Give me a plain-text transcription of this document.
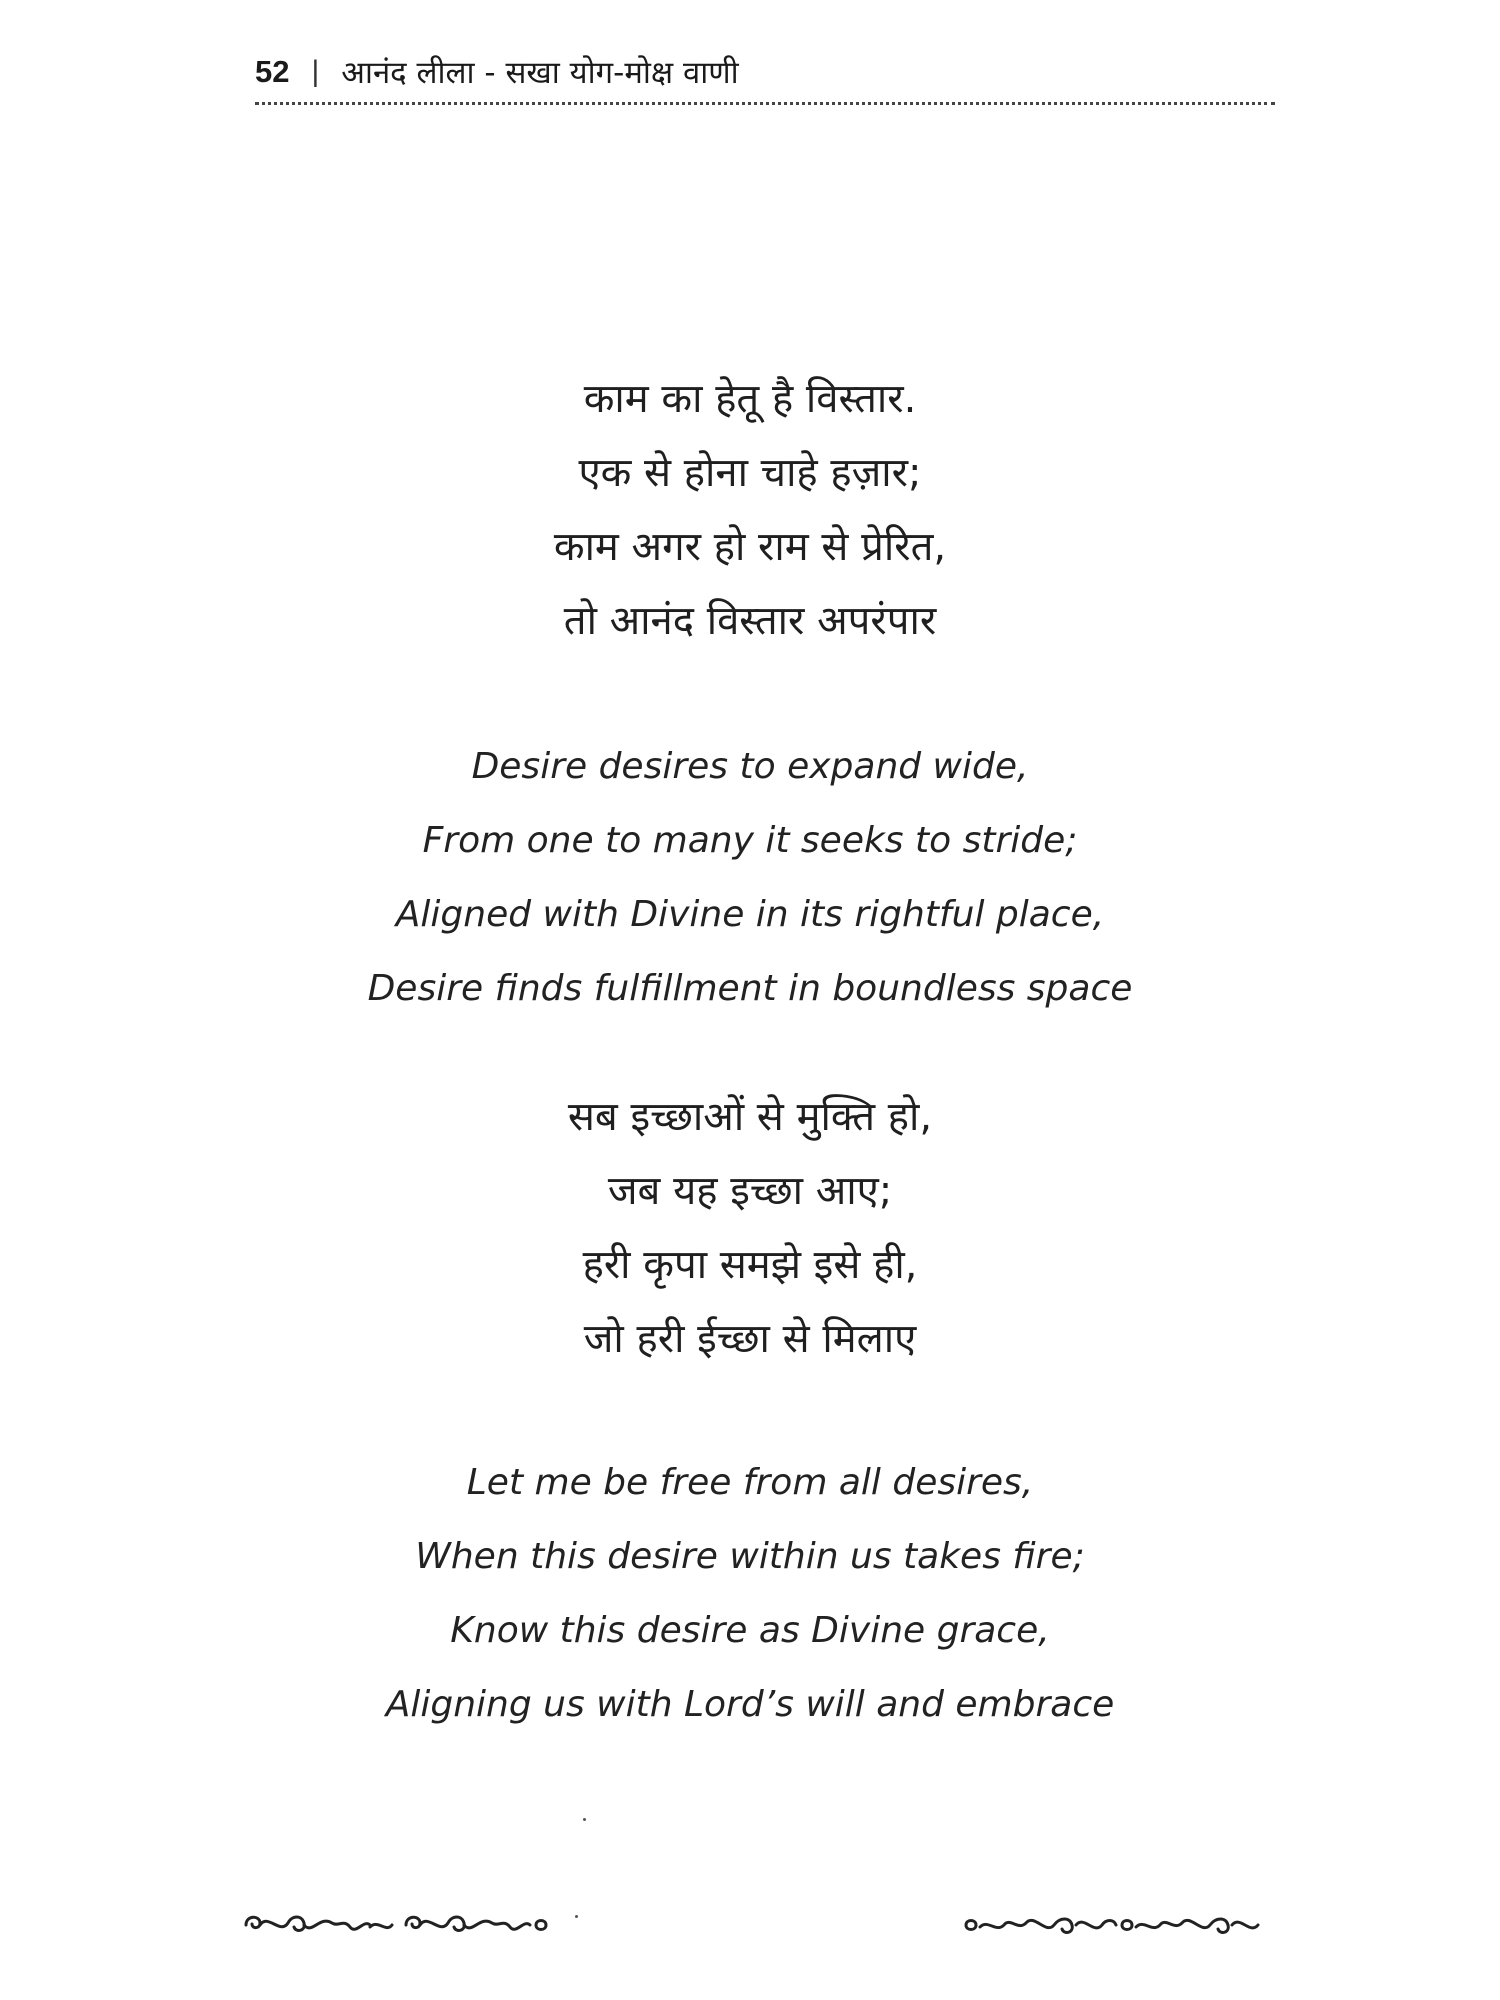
52 | आनंद लीला - सखा योग-मोक्ष वाणी
काम का हेतू है विस्तार.
एक से होना चाहे हज़ार;
काम अगर हो राम से प्रेरित,
तो आनंद विस्तार अपरंपार
Desire desires to expand wide,
From one to many it seeks to stride;
Aligned with Divine in its rightful place,
Desire finds fulfillment in boundless space
सब इच्छाओं से मुक्ति हो,
जब यह इच्छा आए;
हरी कृपा समझे इसे ही,
जो हरी ईच्छा से मिलाए
Let me be free from all desires,
When this desire within us takes fire;
Know this desire as Divine grace,
Aligning us with Lord’s will and embrace
